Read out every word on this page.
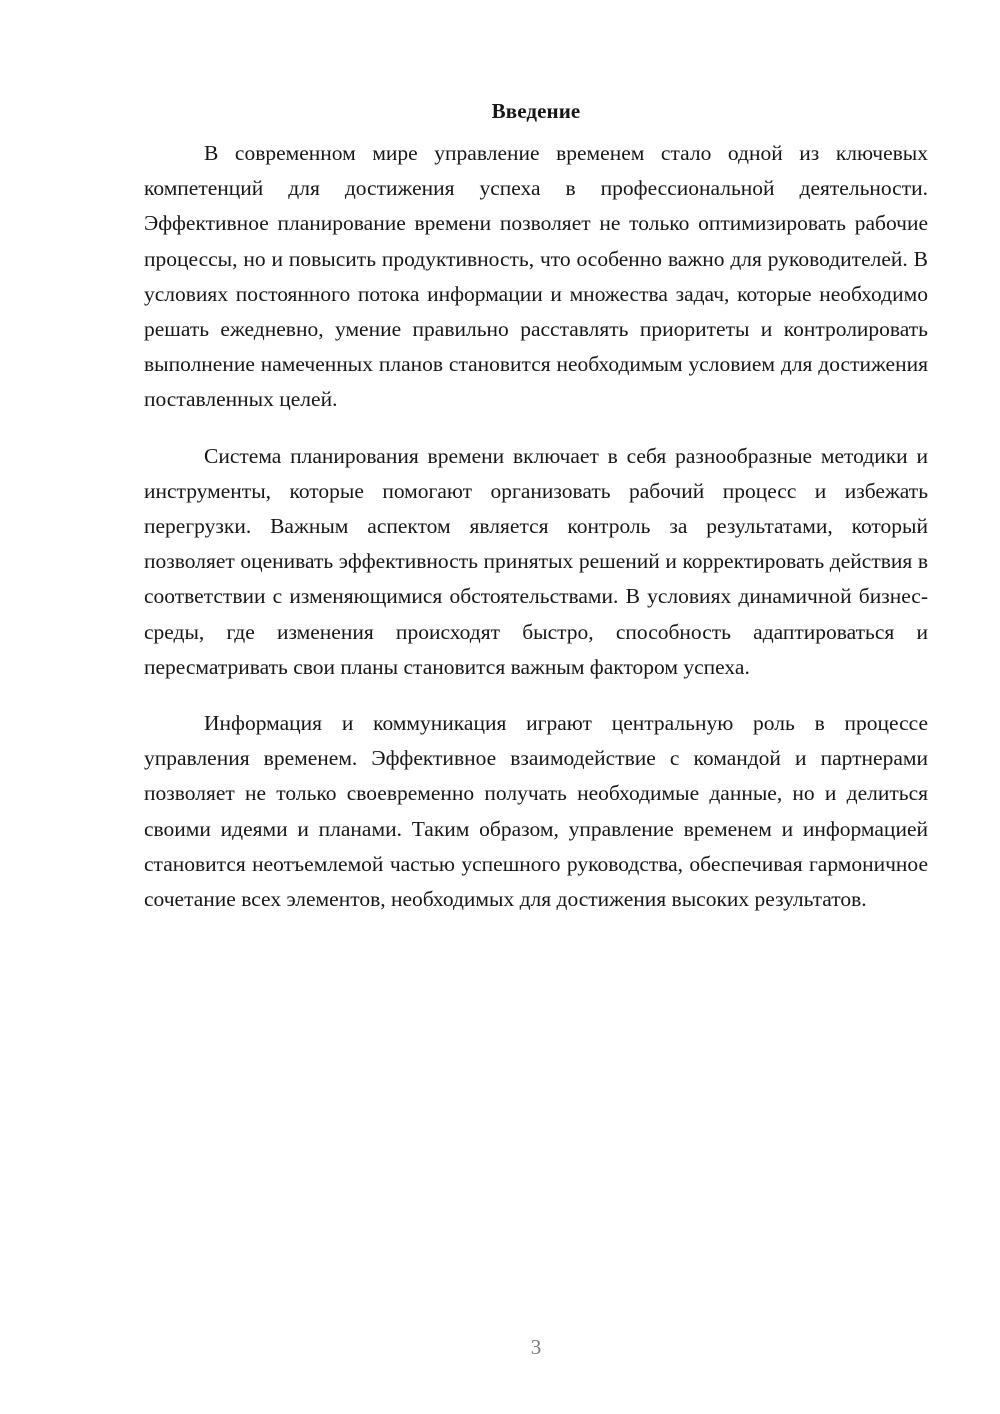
Введение

В современном мире управление временем стало одной из ключевых компетенций для достижения успеха в профессиональной деятельности. Эффективное планирование времени позволяет не только оптимизировать рабочие процессы, но и повысить продуктивность, что особенно важно для руководителей. В условиях постоянного потока информации и множества задач, которые необходимо решать ежедневно, умение правильно расставлять приоритеты и контролировать выполнение намеченных планов становится необходимым условием для достижения поставленных целей.

Система планирования времени включает в себя разнообразные методики и инструменты, которые помогают организовать рабочий процесс и избежать перегрузки. Важным аспектом является контроль за результатами, который позволяет оценивать эффективность принятых решений и корректировать действия в соответствии с изменяющимися обстоятельствами. В условиях динамичной бизнес-среды, где изменения происходят быстро, способность адаптироваться и пересматривать свои планы становится важным фактором успеха.

Информация и коммуникация играют центральную роль в процессе управления временем. Эффективное взаимодействие с командой и партнерами позволяет не только своевременно получать необходимые данные, но и делиться своими идеями и планами. Таким образом, управление временем и информацией становится неотъемлемой частью успешного руководства, обеспечивая гармоничное сочетание всех элементов, необходимых для достижения высоких результатов.

3
